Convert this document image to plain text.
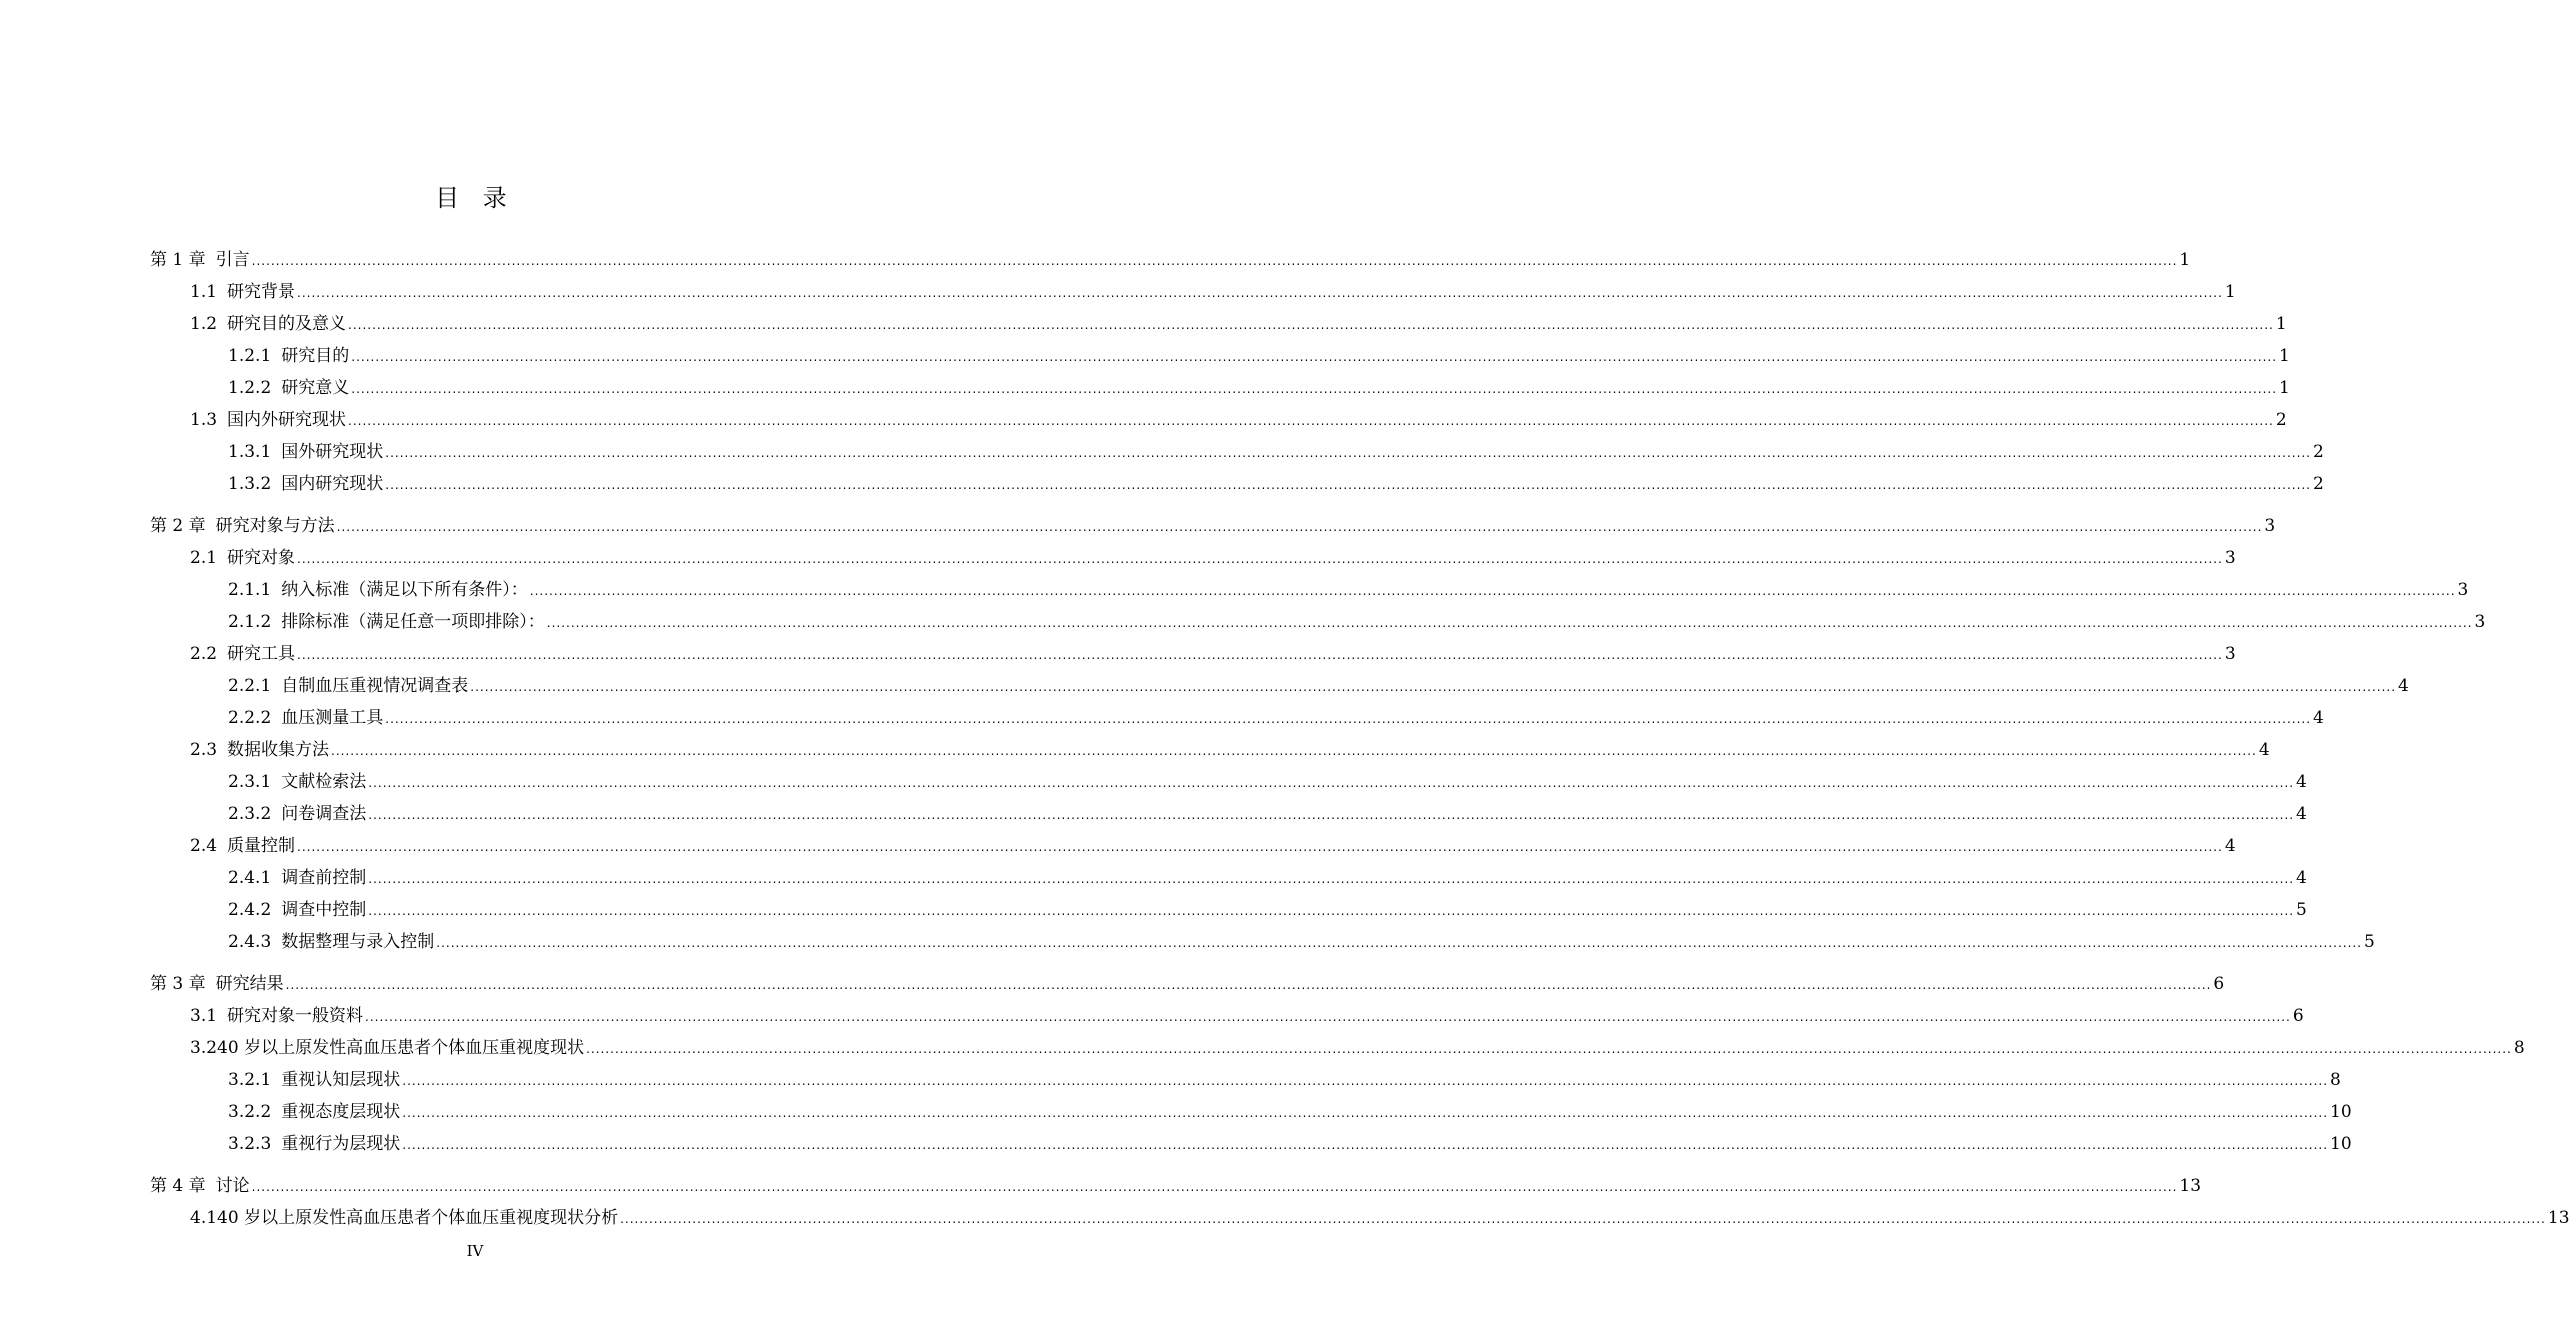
目 录
第 1 章 引言 ................................................................................................................................................................................................................................................................................................................................................................................................................ 1
1.1 研究背景 ................................................................................................................................................................................................................................................................................................................................................................................................................ 1
1.2 研究目的及意义 ................................................................................................................................................................................................................................................................................................................................................................................................................ 1
1.2.1 研究目的 ................................................................................................................................................................................................................................................................................................................................................................................................................ 1
1.2.2 研究意义 ................................................................................................................................................................................................................................................................................................................................................................................................................ 1
1.3 国内外研究现状 ................................................................................................................................................................................................................................................................................................................................................................................................................ 2
1.3.1 国外研究现状 ................................................................................................................................................................................................................................................................................................................................................................................................................ 2
1.3.2 国内研究现状 ................................................................................................................................................................................................................................................................................................................................................................................................................ 2
第 2 章 研究对象与方法 ................................................................................................................................................................................................................................................................................................................................................................................................................ 3
2.1 研究对象 ................................................................................................................................................................................................................................................................................................................................................................................................................ 3
2.1.1 纳入标准（满足以下所有条件）： ................................................................................................................................................................................................................................................................................................................................................................................................................ 3
2.1.2 排除标准（满足任意一项即排除）： ................................................................................................................................................................................................................................................................................................................................................................................................................ 3
2.2 研究工具 ................................................................................................................................................................................................................................................................................................................................................................................................................ 3
2.2.1 自制血压重视情况调查表 ................................................................................................................................................................................................................................................................................................................................................................................................................ 4
2.2.2 血压测量工具 ................................................................................................................................................................................................................................................................................................................................................................................................................ 4
2.3 数据收集方法 ................................................................................................................................................................................................................................................................................................................................................................................................................ 4
2.3.1 文献检索法 ................................................................................................................................................................................................................................................................................................................................................................................................................ 4
2.3.2 问卷调查法 ................................................................................................................................................................................................................................................................................................................................................................................................................ 4
2.4 质量控制 ................................................................................................................................................................................................................................................................................................................................................................................................................ 4
2.4.1 调查前控制 ................................................................................................................................................................................................................................................................................................................................................................................................................ 4
2.4.2 调查中控制 ................................................................................................................................................................................................................................................................................................................................................................................................................ 5
2.4.3 数据整理与录入控制 ................................................................................................................................................................................................................................................................................................................................................................................................................ 5
第 3 章 研究结果 ................................................................................................................................................................................................................................................................................................................................................................................................................ 6
3.1 研究对象一般资料 ................................................................................................................................................................................................................................................................................................................................................................................................................ 6
3.2 40 岁以上原发性高血压患者个体血压重视度现状 ................................................................................................................................................................................................................................................................................................................................................................................................................ 8
3.2.1 重视认知层现状 ................................................................................................................................................................................................................................................................................................................................................................................................................ 8
3.2.2 重视态度层现状 ................................................................................................................................................................................................................................................................................................................................................................................................................ 10
3.2.3 重视行为层现状 ................................................................................................................................................................................................................................................................................................................................................................................................................ 10
第 4 章 讨论 ................................................................................................................................................................................................................................................................................................................................................................................................................ 13
4.1 40 岁以上原发性高血压患者个体血压重视度现状分析 ................................................................................................................................................................................................................................................................................................................................................................................................................ 13
IV
